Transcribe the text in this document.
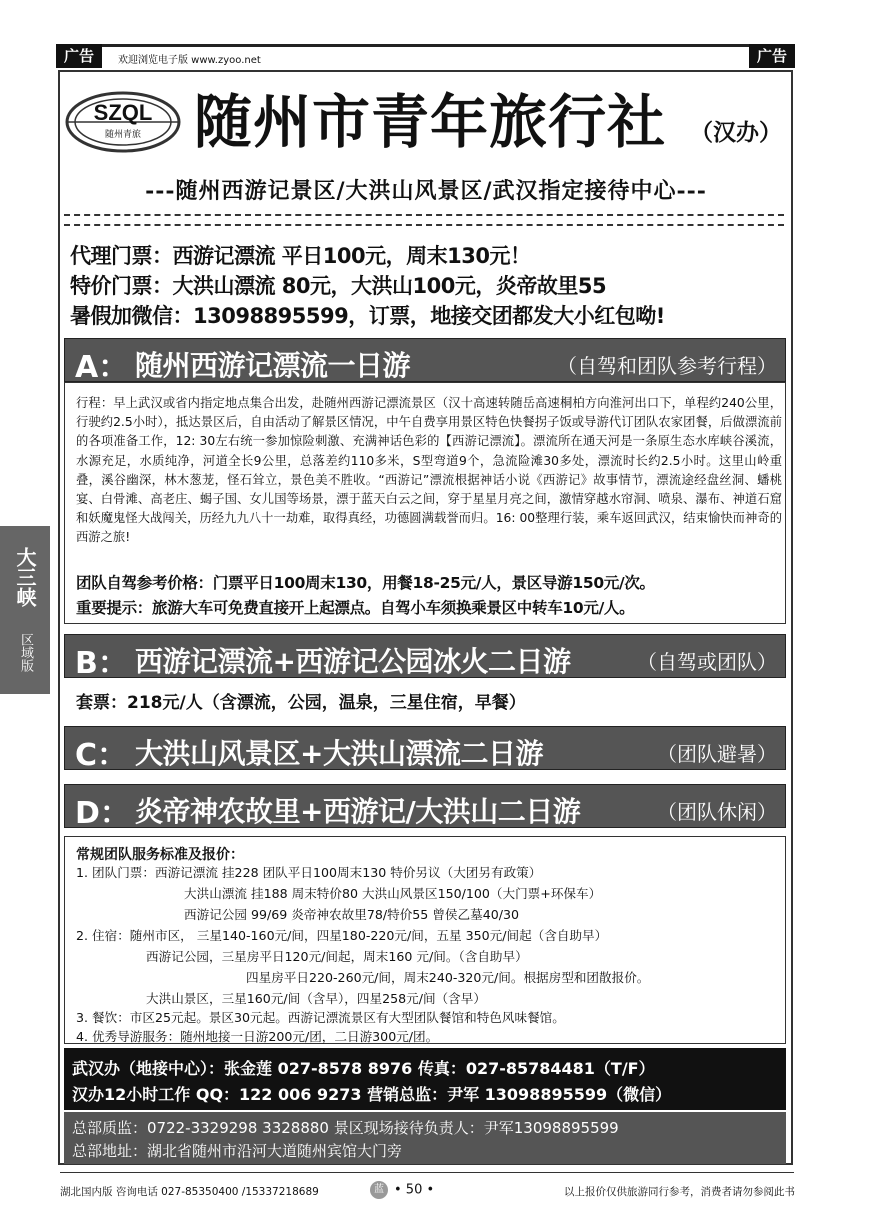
广告	欢迎浏览电子版 www.zyoo.net	广告
SZQL
随州青旅 随州市青年旅行社 （汉办）
---随州西游记景区/大洪山风景区/武汉指定接待中心---
代理门票：西游记漂流 平日100元，周末130元！
特价门票：大洪山漂流 80元，大洪山100元，炎帝故里55
暑假加微信：13098895599，订票，地接交团都发大小红包呦!
A： 随州西游记漂流一日游	（自驾和团队参考行程）
行程：早上武汉或省内指定地点集合出发，赴随州西游记漂流景区（汉十高速转随岳高速桐柏方向淮河出口下，单程约240公里，行驶约2.5小时），抵达景区后，自由活动了解景区情况，中午自费享用景区特色快餐拐子饭或导游代订团队农家团餐，后做漂流前的各项准备工作，12: 30左右统一参加惊险刺激、充满神话色彩的【西游记漂流】。漂流所在通天河是一条原生态水库峡谷溪流，水源充足，水质纯净，河道全长9公里，总落差约110多米，S型弯道9个，急流险滩30多处，漂流时长约2.5小时。这里山岭重叠，溪谷幽深，林木葱茏，怪石耸立，景色美不胜收。“西游记”漂流根据神话小说《西游记》故事情节，漂流途经盘丝洞、蟠桃宴、白骨滩、高老庄、蝎子国、女儿国等场景，漂于蓝天白云之间，穿于星星月亮之间，激情穿越水帘洞、喷泉、瀑布、神道石窟和妖魔鬼怪大战闯关，历经九九八十一劫难，取得真经，功德圆满载誉而归。16: 00整理行装，乘车返回武汉，结束愉快而神奇的西游之旅!
团队自驾参考价格：门票平日100周末130，用餐18-25元/人，景区导游150元/次。
重要提示：旅游大车可免费直接开上起漂点。自驾小车须换乘景区中转车10元/人。
B： 西游记漂流+西游记公园冰火二日游	（自驾或团队）
套票：218元/人（含漂流，公园，温泉，三星住宿，早餐）
C： 大洪山风景区+大洪山漂流二日游	（团队避暑）
D： 炎帝神农故里+西游记/大洪山二日游	（团队休闲）
常规团队服务标准及报价：
1. 团队门票：西游记漂流 挂228 团队平日100周末130 特价另议（大团另有政策）
大洪山漂流 挂188 周末特价80 大洪山风景区150/100（大门票+环保车）
西游记公园 99/69 炎帝神农故里78/特价55 曾侯乙墓40/30
2. 住宿：随州市区， 三星140-160元/间，四星180-220元/间，五星 350元/间起（含自助早）
西游记公园，三星房平日120元/间起，周末160 元/间。（含自助早）
四星房平日220-260元/间，周末240-320元/间。根据房型和团散报价。
大洪山景区，三星160元/间（含早），四星258元/间（含早）
3. 餐饮：市区25元起。景区30元起。西游记漂流景区有大型团队餐馆和特色风味餐馆。
4. 优秀导游服务：随州地接一日游200元/团，二日游300元/团。
武汉办（地接中心）：张金莲 027-8578 8976 传真：027-85784481（T/F）
汉办12小时工作 QQ：122 006 9273 营销总监：尹军 13098895599（微信）
总部质监：0722-3329298 3328880 景区现场接待负责人：尹军13098895599
总部地址：湖北省随州市沿河大道随州宾馆大门旁
大三峡
区域版
湖北国内版 咨询电话 027-85350400 /15337218689	蓝 • 50 •	以上报价仅供旅游同行参考，消费者请勿参阅此书
